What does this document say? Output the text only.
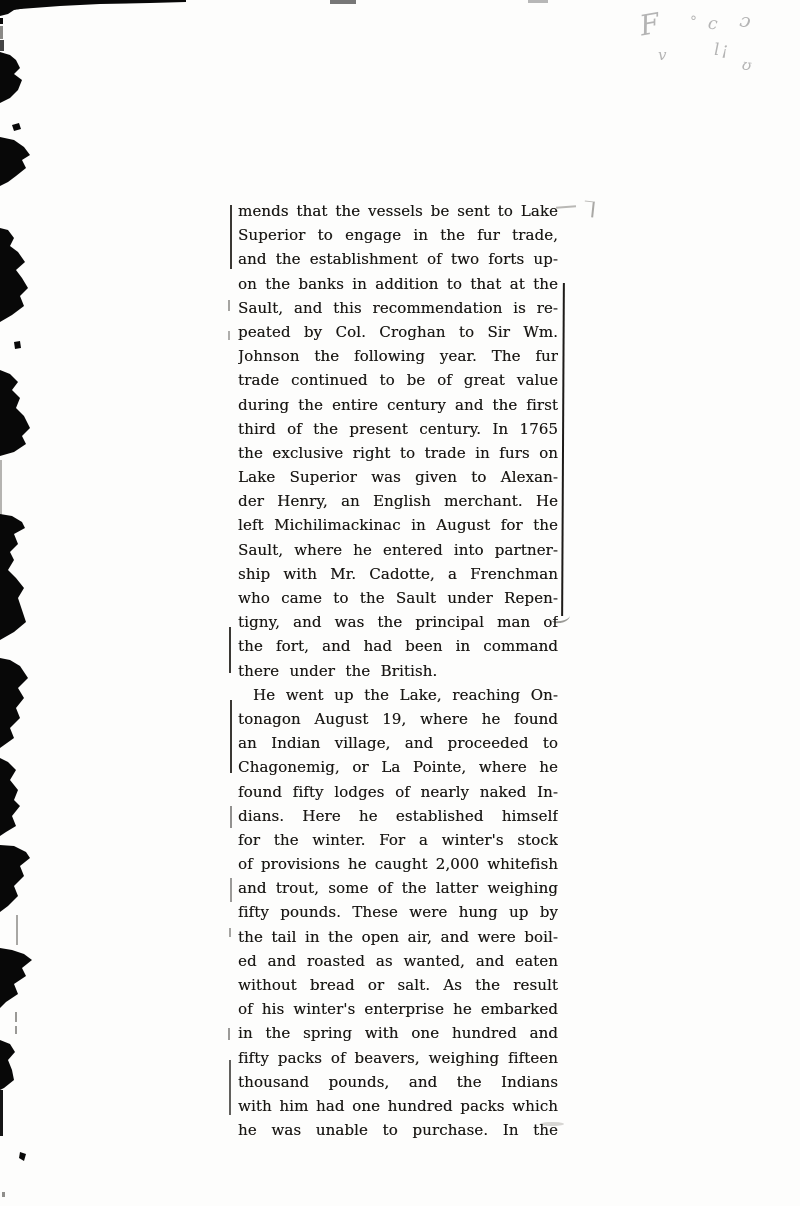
F ° c ɔ
v	l¡
ʊ
mends that the vessels be sent to Lake
Superior to engage in the fur trade,
and the establishment of two forts up-
on the banks in addition to that at the
Sault, and this recommendation is re-
peated by Col. Croghan to Sir Wm.
Johnson the following year. The fur
trade continued to be of great value
during the entire century and the first
third of the present century. In 1765
the exclusive right to trade in furs on
Lake Superior was given to Alexan-
der Henry, an English merchant. He
left Michilimackinac in August for the
Sault, where he entered into partner-
ship with Mr. Cadotte, a Frenchman
who came to the Sault under Repen-
tigny, and was the principal man of
the fort, and had been in command
there under the British.
He went up the Lake, reaching On-
tonagon August 19, where he found
an Indian village, and proceeded to
Chagonemig, or La Pointe, where he
found fifty lodges of nearly naked In-
dians. Here he established himself
for the winter. For a winter's stock
of provisions he caught 2,000 whitefish
and trout, some of the latter weighing
fifty pounds. These were hung up by
the tail in the open air, and were boil-
ed and roasted as wanted, and eaten
without bread or salt. As the result
of his winter's enterprise he embarked
in the spring with one hundred and
fifty packs of beavers, weighing fifteen
thousand pounds, and the Indians
with him had one hundred packs which
he was unable to purchase. In the
